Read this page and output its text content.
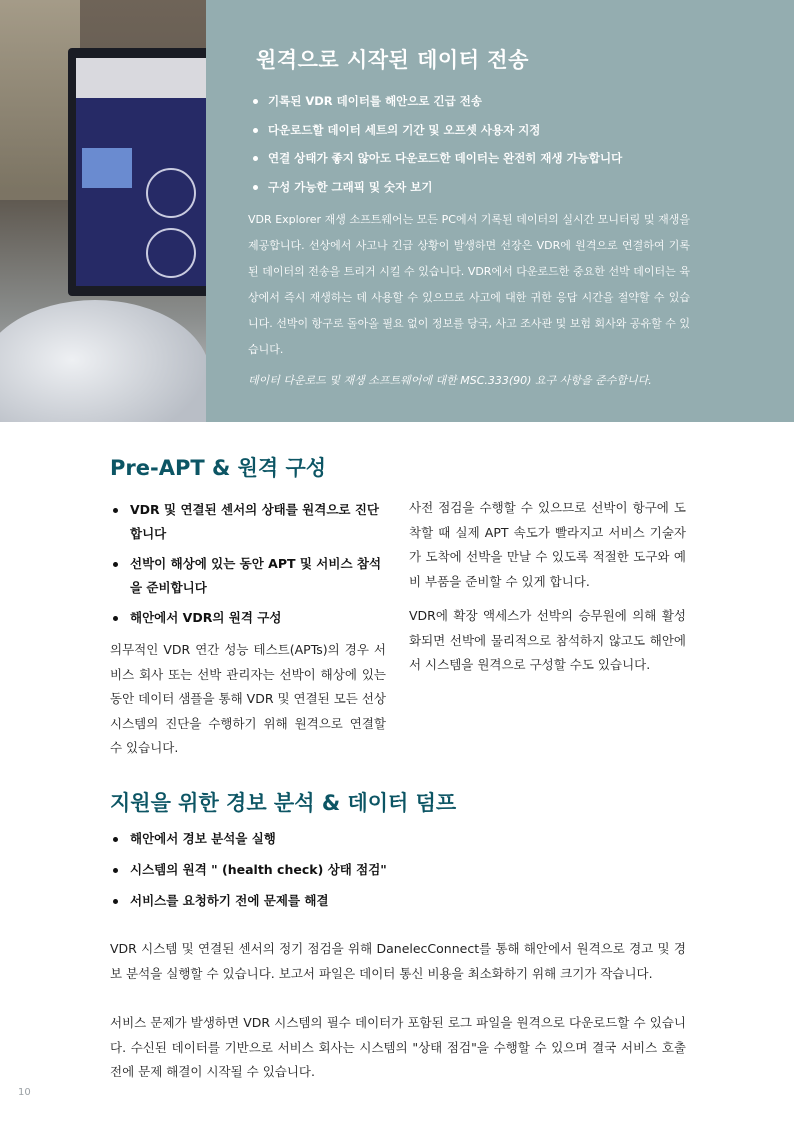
원격으로 시작된 데이터 전송
기록된 VDR 데이터를 해안으로 긴급 전송
다운로드할 데이터 세트의 기간 및 오프셋 사용자 지정
연결 상태가 좋지 않아도 다운로드한 데이터는 완전히 재생 가능합니다
구성 가능한 그래픽 및 숫자 보기

VDR Explorer 재생 소프트웨어는 모든 PC에서 기록된 데이터의 실시간 모니터링 및 재생을 제공합니다. 선상에서 사고나 긴급 상황이 발생하면 선장은 VDR에 원격으로 연결하여 기록된 데이터의 전송을 트리거 시킬 수 있습니다. VDR에서 다운로드한 중요한 선박 데이터는 육상에서 즉시 재생하는 데 사용할 수 있으므로 사고에 대한 귀한 응답 시간을 절약할 수 있습니다. 선박이 항구로 돌아올 필요 없이 정보를 당국, 사고 조사관 및 보험 회사와 공유할 수 있습니다.

데이터 다운로드 및 재생 소프트웨어에 대한 MSC.333(90) 요구 사항을 준수합니다.

Pre-APT & 원격 구성
VDR 및 연결된 센서의 상태를 원격으로 진단합니다
선박이 해상에 있는 동안 APT 및 서비스 참석을 준비합니다
해안에서 VDR의 원격 구성

의무적인 VDR 연간 성능 테스트(APTs)의 경우 서비스 회사 또는 선박 관리자는 선박이 해상에 있는 동안 데이터 샘플을 통해 VDR 및 연결된 모든 선상 시스템의 진단을 수행하기 위해 원격으로 연결할 수 있습니다.

사전 점검을 수행할 수 있으므로 선박이 항구에 도착할 때 실제 APT 속도가 빨라지고 서비스 기술자가 도착에 선박을 만날 수 있도록 적절한 도구와 예비 부품을 준비할 수 있게 합니다.

VDR에 확장 액세스가 선박의 승무원에 의해 활성화되면 선박에 물리적으로 참석하지 않고도 해안에서 시스템을 원격으로 구성할 수도 있습니다.

지원을 위한 경보 분석 & 데이터 덤프
해안에서 경보 분석을 실행
시스템의 원격 " (health check) 상태 점검"
서비스를 요청하기 전에 문제를 해결

VDR 시스템 및 연결된 센서의 정기 점검을 위해 DanelecConnect를 통해 해안에서 원격으로 경고 및 경보 분석을 실행할 수 있습니다. 보고서 파일은 데이터 통신 비용을 최소화하기 위해 크기가 작습니다.

서비스 문제가 발생하면 VDR 시스템의 필수 데이터가 포함된 로그 파일을 원격으로 다운로드할 수 있습니다. 수신된 데이터를 기반으로 서비스 회사는 시스템의 "상태 점검"을 수행할 수 있으며 결국 서비스 호출 전에 문제 해결이 시작될 수 있습니다.

10
